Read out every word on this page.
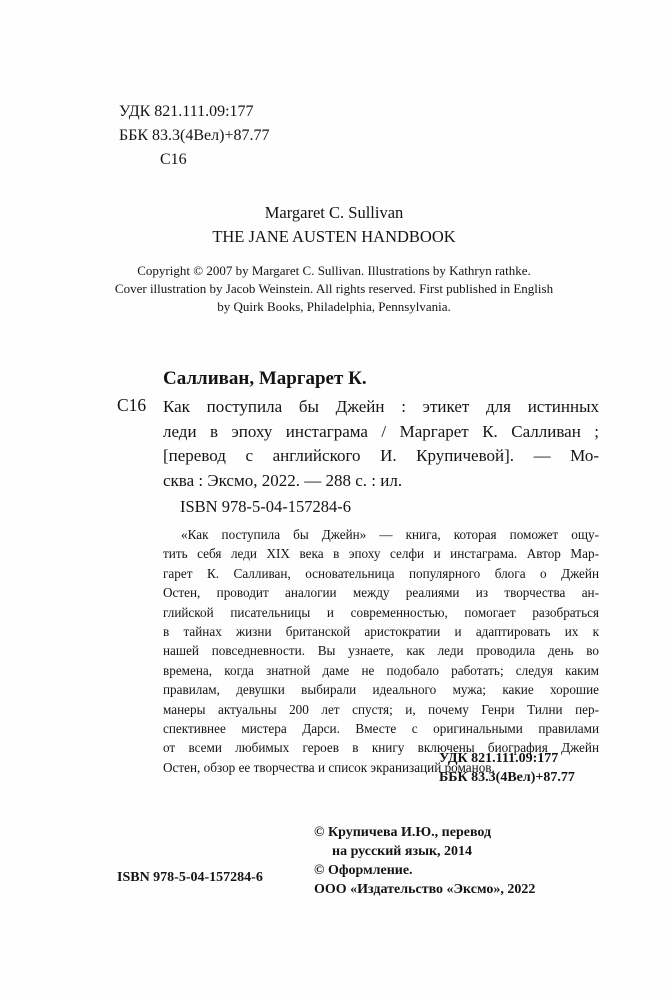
УДК 821.111.09:177
ББК 83.3(4Вел)+87.77
С16
Margaret C. Sullivan
THE JANE AUSTEN HANDBOOK
Copyright © 2007 by Margaret C. Sullivan. Illustrations by Kathryn rathke.
Cover illustration by Jacob Weinstein. All rights reserved. First published in English
by Quirk Books, Philadelphia, Pennsylvania.
Салливан, Маргарет К.
С16 Как поступила бы Джейн : этикет для истинных
леди в эпоху инстаграма / Маргарет К. Салливан ;
[перевод с английского И. Крупичевой]. — Мо-
сква : Эксмо, 2022. — 288 с. : ил.
ISBN 978-5-04-157284-6
«Как поступила бы Джейн» — книга, которая поможет ощу-
тить себя леди XIX века в эпоху селфи и инстаграма. Автор Мар-
гарет К. Салливан, основательница популярного блога о Джейн
Остен, проводит аналогии между реалиями из творчества ан-
глийской писательницы и современностью, помогает разобраться
в тайнах жизни британской аристократии и адаптировать их к
нашей повседневности. Вы узнаете, как леди проводила день во
времена, когда знатной даме не подобало работать; следуя каким
правилам, девушки выбирали идеального мужа; какие хорошие
манеры актуальны 200 лет спустя; и, почему Генри Тилни пер-
спективнее мистера Дарси. Вместе с оригинальными правилами
от всеми любимых героев в книгу включены биография Джейн
Остен, обзор ее творчества и список экранизаций романов.
УДК 821.111.09:177
ББК 83.3(4Вел)+87.77
© Крупичева И.Ю., перевод
на русский язык, 2014
© Оформление.
ООО «Издательство «Эксмо», 2022
ISBN 978-5-04-157284-6
